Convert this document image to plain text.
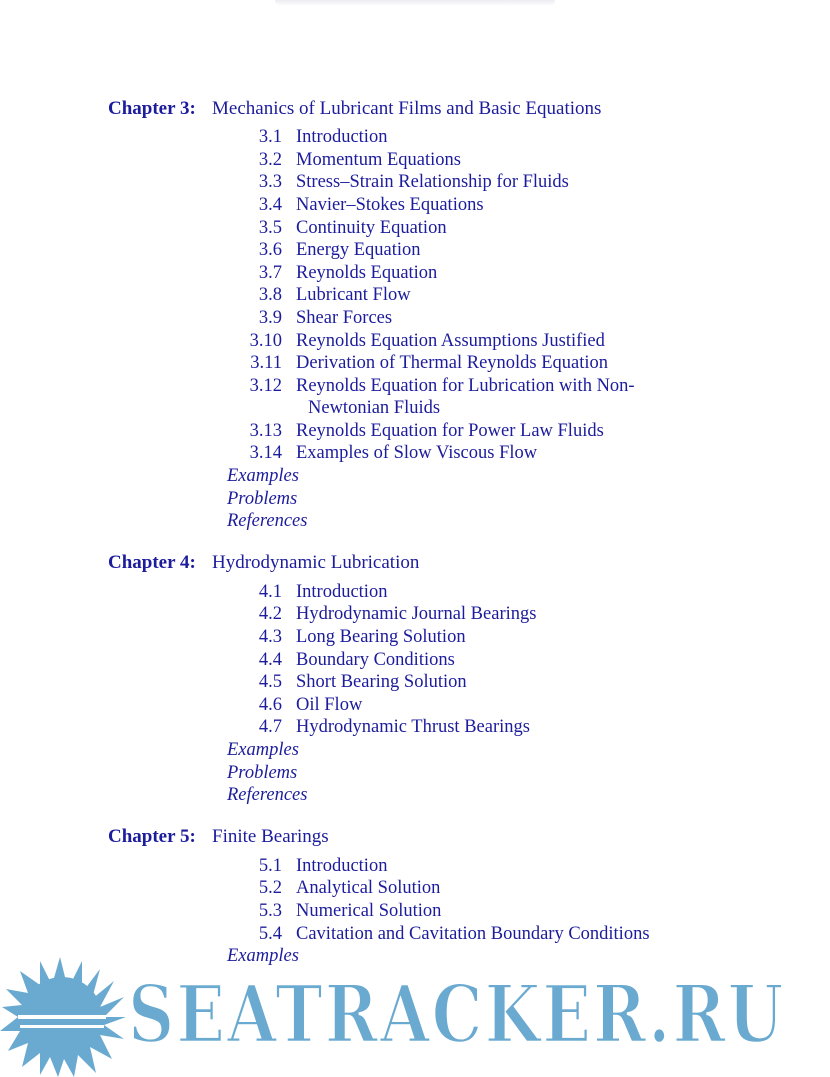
Chapter 3: Mechanics of Lubricant Films and Basic Equations
3.1 Introduction
3.2 Momentum Equations
3.3 Stress–Strain Relationship for Fluids
3.4 Navier–Stokes Equations
3.5 Continuity Equation
3.6 Energy Equation
3.7 Reynolds Equation
3.8 Lubricant Flow
3.9 Shear Forces
3.10 Reynolds Equation Assumptions Justified
3.11 Derivation of Thermal Reynolds Equation
3.12 Reynolds Equation for Lubrication with Non-
Newtonian Fluids
3.13 Reynolds Equation for Power Law Fluids
3.14 Examples of Slow Viscous Flow
Examples
Problems
References
Chapter 4: Hydrodynamic Lubrication
4.1 Introduction
4.2 Hydrodynamic Journal Bearings
4.3 Long Bearing Solution
4.4 Boundary Conditions
4.5 Short Bearing Solution
4.6 Oil Flow
4.7 Hydrodynamic Thrust Bearings
Examples
Problems
References
Chapter 5: Finite Bearings
5.1 Introduction
5.2 Analytical Solution
5.3 Numerical Solution
5.4 Cavitation and Cavitation Boundary Conditions
Examples
SEATRACKER.RU
